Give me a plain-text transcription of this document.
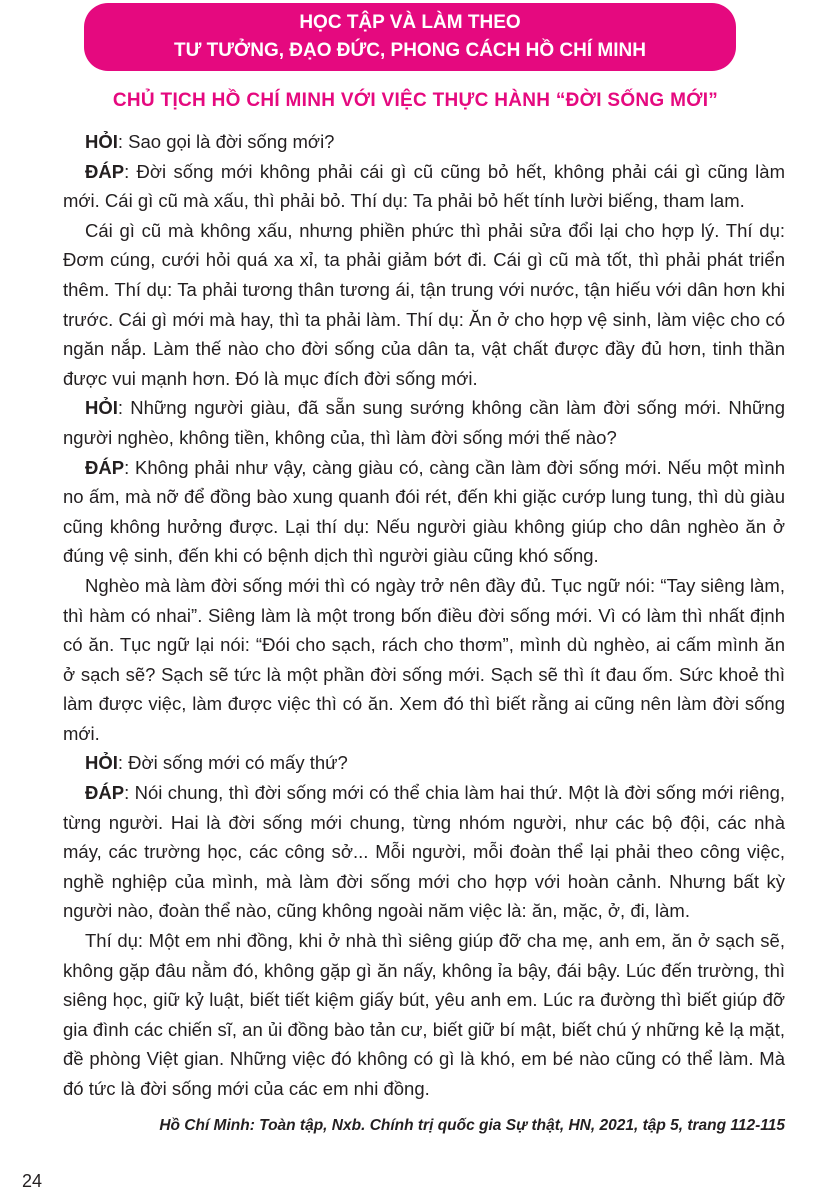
HỌC TẬP VÀ LÀM THEO
TƯ TƯỞNG, ĐẠO ĐỨC, PHONG CÁCH HỒ CHÍ MINH
CHỦ TỊCH HỒ CHÍ MINH VỚI VIỆC THỰC HÀNH “ĐỜI SỐNG MỚI”

HỎI: Sao gọi là đời sống mới?

ĐÁP: Đời sống mới không phải cái gì cũ cũng bỏ hết, không phải cái gì cũng làm mới. Cái gì cũ mà xấu, thì phải bỏ. Thí dụ: Ta phải bỏ hết tính lười biếng, tham lam.

Cái gì cũ mà không xấu, nhưng phiền phức thì phải sửa đổi lại cho hợp lý. Thí dụ: Đơm cúng, cưới hỏi quá xa xỉ, ta phải giảm bớt đi. Cái gì cũ mà tốt, thì phải phát triển thêm. Thí dụ: Ta phải tương thân tương ái, tận trung với nước, tận hiếu với dân hơn khi trước. Cái gì mới mà hay, thì ta phải làm. Thí dụ: Ăn ở cho hợp vệ sinh, làm việc cho có ngăn nắp. Làm thế nào cho đời sống của dân ta, vật chất được đầy đủ hơn, tinh thần được vui mạnh hơn. Đó là mục đích đời sống mới.

HỎI: Những người giàu, đã sẵn sung sướng không cần làm đời sống mới. Những người nghèo, không tiền, không của, thì làm đời sống mới thế nào?

ĐÁP: Không phải như vậy, càng giàu có, càng cần làm đời sống mới. Nếu một mình no ấm, mà nỡ để đồng bào xung quanh đói rét, đến khi giặc cướp lung tung, thì dù giàu cũng không hưởng được. Lại thí dụ: Nếu người giàu không giúp cho dân nghèo ăn ở đúng vệ sinh, đến khi có bệnh dịch thì người giàu cũng khó sống.

Nghèo mà làm đời sống mới thì có ngày trở nên đầy đủ. Tục ngữ nói: “Tay siêng làm, thì hàm có nhai”. Siêng làm là một trong bốn điều đời sống mới. Vì có làm thì nhất định có ăn. Tục ngữ lại nói: “Đói cho sạch, rách cho thơm”, mình dù nghèo, ai cấm mình ăn ở sạch sẽ? Sạch sẽ tức là một phần đời sống mới. Sạch sẽ thì ít đau ốm. Sức khoẻ thì làm được việc, làm được việc thì có ăn. Xem đó thì biết rằng ai cũng nên làm đời sống mới.

HỎI: Đời sống mới có mấy thứ?

ĐÁP: Nói chung, thì đời sống mới có thể chia làm hai thứ. Một là đời sống mới riêng, từng người. Hai là đời sống mới chung, từng nhóm người, như các bộ đội, các nhà máy, các trường học, các công sở... Mỗi người, mỗi đoàn thể lại phải theo công việc, nghề nghiệp của mình, mà làm đời sống mới cho hợp với hoàn cảnh. Nhưng bất kỳ người nào, đoàn thể nào, cũng không ngoài năm việc là: ăn, mặc, ở, đi, làm.

Thí dụ: Một em nhi đồng, khi ở nhà thì siêng giúp đỡ cha mẹ, anh em, ăn ở sạch sẽ, không gặp đâu nằm đó, không gặp gì ăn nấy, không ỉa bậy, đái bậy. Lúc đến trường, thì siêng học, giữ kỷ luật, biết tiết kiệm giấy bút, yêu anh em. Lúc ra đường thì biết giúp đỡ gia đình các chiến sĩ, an ủi đồng bào tản cư, biết giữ bí mật, biết chú ý những kẻ lạ mặt, đề phòng Việt gian. Những việc đó không có gì là khó, em bé nào cũng có thể làm. Mà đó tức là đời sống mới của các em nhi đồng.

Hồ Chí Minh: Toàn tập, Nxb. Chính trị quốc gia Sự thật, HN, 2021, tập 5, trang 112-115
24
